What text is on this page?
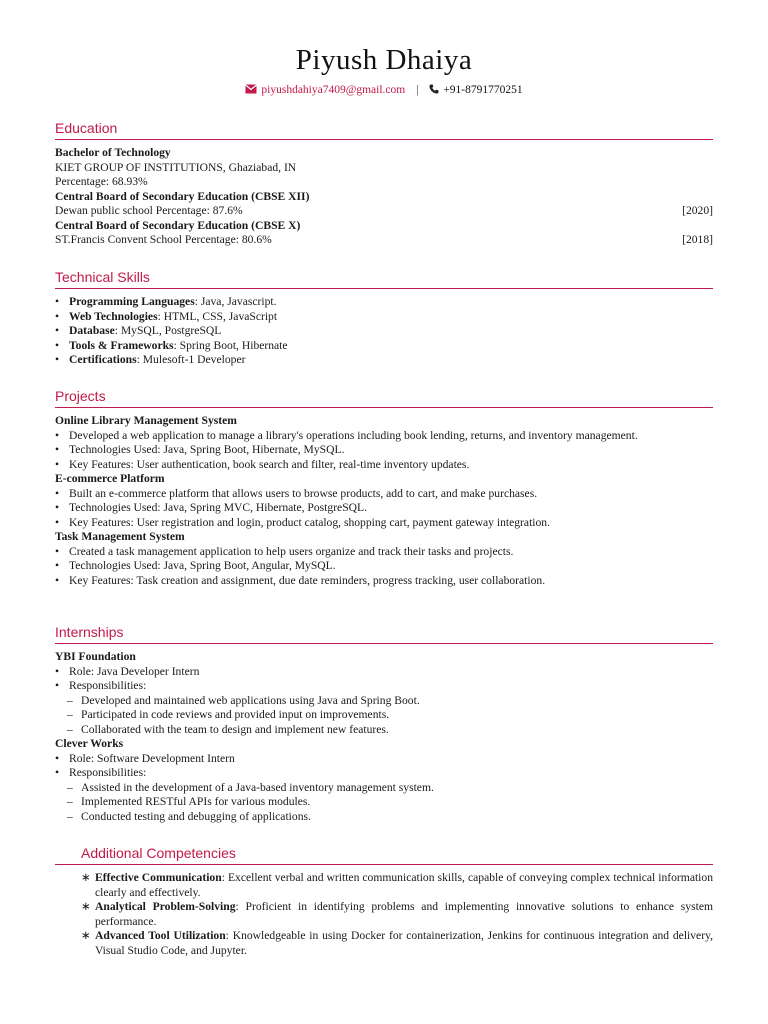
Piyush Dhaiya
piyushdahiya7409@gmail.com | +91-8791770251
Education
Bachelor of Technology
KIET GROUP OF INSTITUTIONS, Ghaziabad, IN
Percentage: 68.93%
Central Board of Secondary Education (CBSE XII)
Dewan public school Percentage: 87.6%	[2020]
Central Board of Secondary Education (CBSE X)
ST.Francis Convent School Percentage: 80.6%	[2018]
Technical Skills
• Programming Languages: Java, Javascript.
• Web Technologies: HTML, CSS, JavaScript
• Database: MySQL, PostgreSQL
• Tools & Frameworks: Spring Boot, Hibernate
• Certifications: Mulesoft-1 Developer
Projects
Online Library Management System
• Developed a web application to manage a library's operations including book lending, returns, and inventory management.
• Technologies Used: Java, Spring Boot, Hibernate, MySQL.
• Key Features: User authentication, book search and filter, real-time inventory updates.
E-commerce Platform
• Built an e-commerce platform that allows users to browse products, add to cart, and make purchases.
• Technologies Used: Java, Spring MVC, Hibernate, PostgreSQL.
• Key Features: User registration and login, product catalog, shopping cart, payment gateway integration.
Task Management System
• Created a task management application to help users organize and track their tasks and projects.
• Technologies Used: Java, Spring Boot, Angular, MySQL.
• Key Features: Task creation and assignment, due date reminders, progress tracking, user collaboration.
Internships
YBI Foundation
• Role: Java Developer Intern
• Responsibilities:
– Developed and maintained web applications using Java and Spring Boot.
– Participated in code reviews and provided input on improvements.
– Collaborated with the team to design and implement new features.
Clever Works
• Role: Software Development Intern
• Responsibilities:
– Assisted in the development of a Java-based inventory management system.
– Implemented RESTful APIs for various modules.
– Conducted testing and debugging of applications.
Additional Competencies
∗ Effective Communication: Excellent verbal and written communication skills, capable of conveying complex technical information clearly and effectively.
∗ Analytical Problem-Solving: Proficient in identifying problems and implementing innovative solutions to enhance system performance.
∗ Advanced Tool Utilization: Knowledgeable in using Docker for containerization, Jenkins for continuous integration and delivery, Visual Studio Code, and Jupyter.
